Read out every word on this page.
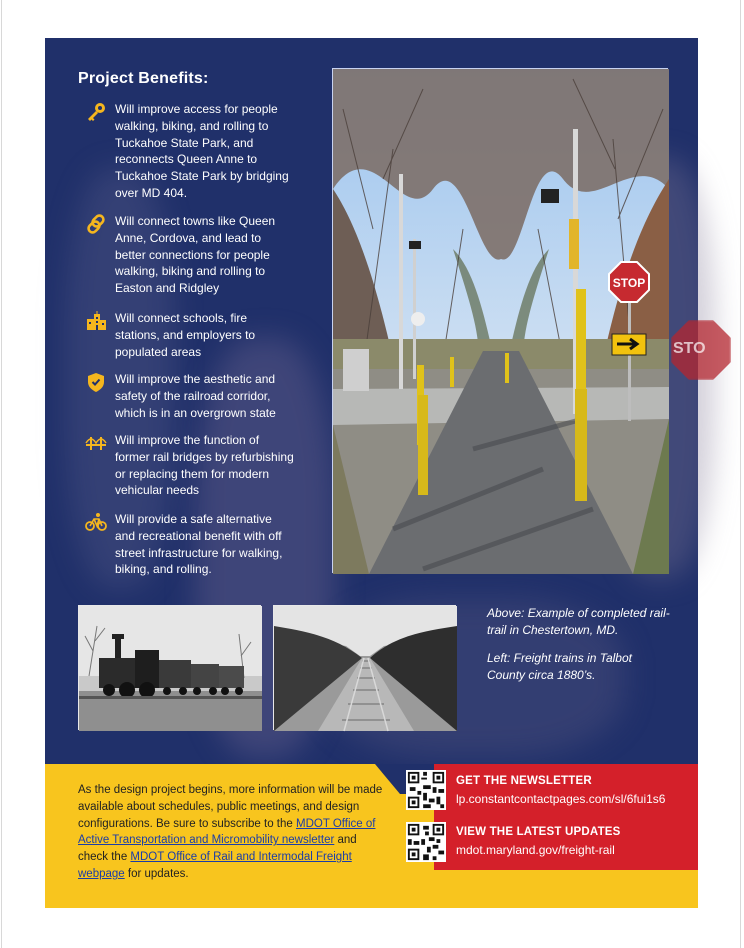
STO
Project Benefits:
Will improve access for people walking, biking, and rolling to Tuckahoe State Park, and reconnects Queen Anne to Tuckahoe State Park by bridging over MD 404.
Will connect towns like Queen Anne, Cordova, and lead to better connections for people walking, biking and rolling to Easton and Ridgley
Will connect schools, fire stations, and employers to populated areas
Will improve the aesthetic and safety of the railroad corridor, which is in an overgrown state
Will improve the function of former rail bridges by refurbishing or replacing them for modern vehicular needs
Will provide a safe alternative and recreational benefit with off street infrastructure for walking, biking, and rolling.
STOP
Above: Example of completed rail-trail in Chestertown, MD.
Left: Freight trains in Talbot County circa 1880’s.
As the design project begins, more information will be made available about schedules, public meetings, and design configurations. Be sure to subscribe to the MDOT Office of Active Transportation and Micromobility newsletter and check the MDOT Office of Rail and Intermodal Freight webpage for updates.
GET THE NEWSLETTER
lp.constantcontactpages.com/sl/6fui1s6
VIEW THE LATEST UPDATES
mdot.maryland.gov/freight-rail
